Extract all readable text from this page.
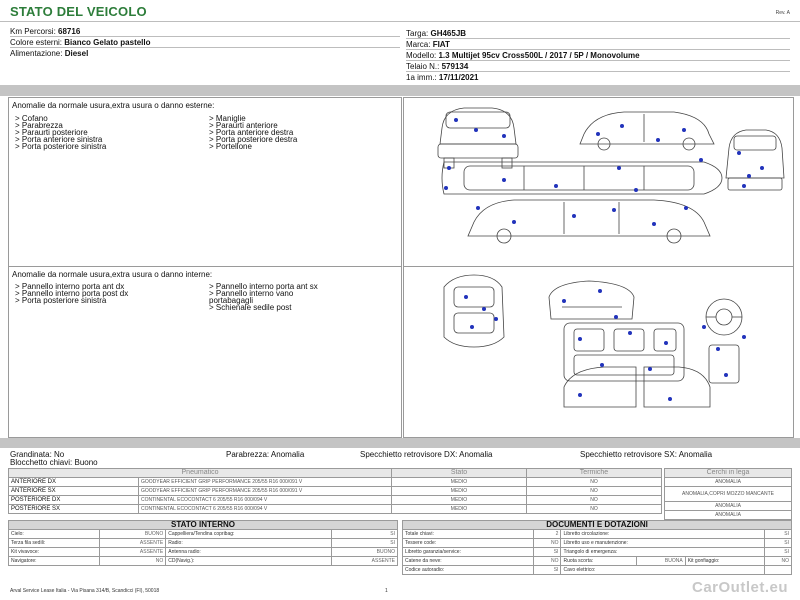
STATO DEL VEICOLO	Rev. A
Km Percorsi: 68716
Colore esterni: Bianco Gelato pastello
Alimentazione: Diesel
Targa: GH465JB
Marca: FIAT
Modello: 1.3 Multijet 95cv Cross500L / 2017 / 5P / Monovolume
Telaio N.: 579134
1a imm.: 17/11/2021
Anomalie da normale usura,extra usura o danno esterne:
> Cofano
> Parabrezza
> Paraurti posteriore
> Porta anteriore sinistra
> Porta posteriore sinistra
> Maniglie
> Paraurti anteriore
> Porta anteriore destra
> Porta posteriore destra
> Portellone
Anomalie da normale usura,extra usura o danno interne:
> Pannello interno porta ant dx
> Pannello interno porta post dx
> Porta posteriore sinistra
> Pannello interno porta ant sx
> Pannello interno vano
portabagagli
> Schienale sedile post
Grandinata: No	Parabrezza: Anomalia	Specchietto retrovisore DX: Anomalia	Specchietto retrovisore SX: Anomalia
Blocchetto chiavi: Buono
Pneumatico		Stato	Termiche
ANTERIORE DX	GOODYEAR EFFICIENT GRIP PERFORMANCE 205/55 R16 000/091 V	MEDIO	NO
ANTERIORE SX	GOODYEAR EFFICIENT GRIP PERFORMANCE 205/55 R16 000/091 V	MEDIO	NO
POSTERIORE DX	CONTINENTAL ECOCONTACT 6 205/55 R16 000/094 V	MEDIO	NO
POSTERIORE SX	CONTINENTAL ECOCONTACT 6 205/55 R16 000/094 V	MEDIO	NO
Cerchi in lega
ANOMALIA
ANOMALIA,COPRI MOZZO MANCANTE
ANOMALIA
ANOMALIA
STATO INTERNO			
Cielo:	BUONO	Cappelliera/Tendina copribag:	SI
Terza fila sedili:	ASSENTE	Radio:	SI
Kit vivavoce:	ASSENTE	Antenna radio:	BUONO
Navigatore:	NO	CD(Navig.):	ASSENTE
DOCUMENTI E DOTAZIONI					
Totale chiavi:	2	Libretto circolazione:			SI
Tessere code:	NO	Libretto uso e manutenzione:			SI
Libretto garanzia/service:	SI	Triangolo di emergenza:			SI
Catene da neve:	NO	Ruota scorta:	BUONA	Kit gonfiaggio:	NO
Codice autoradio:	SI	Cavo elettrico:			
Arval Service Lease Italia - Via Pisana 314/B, Scandicci (FI), 50018	1	CarOutlet.eu
